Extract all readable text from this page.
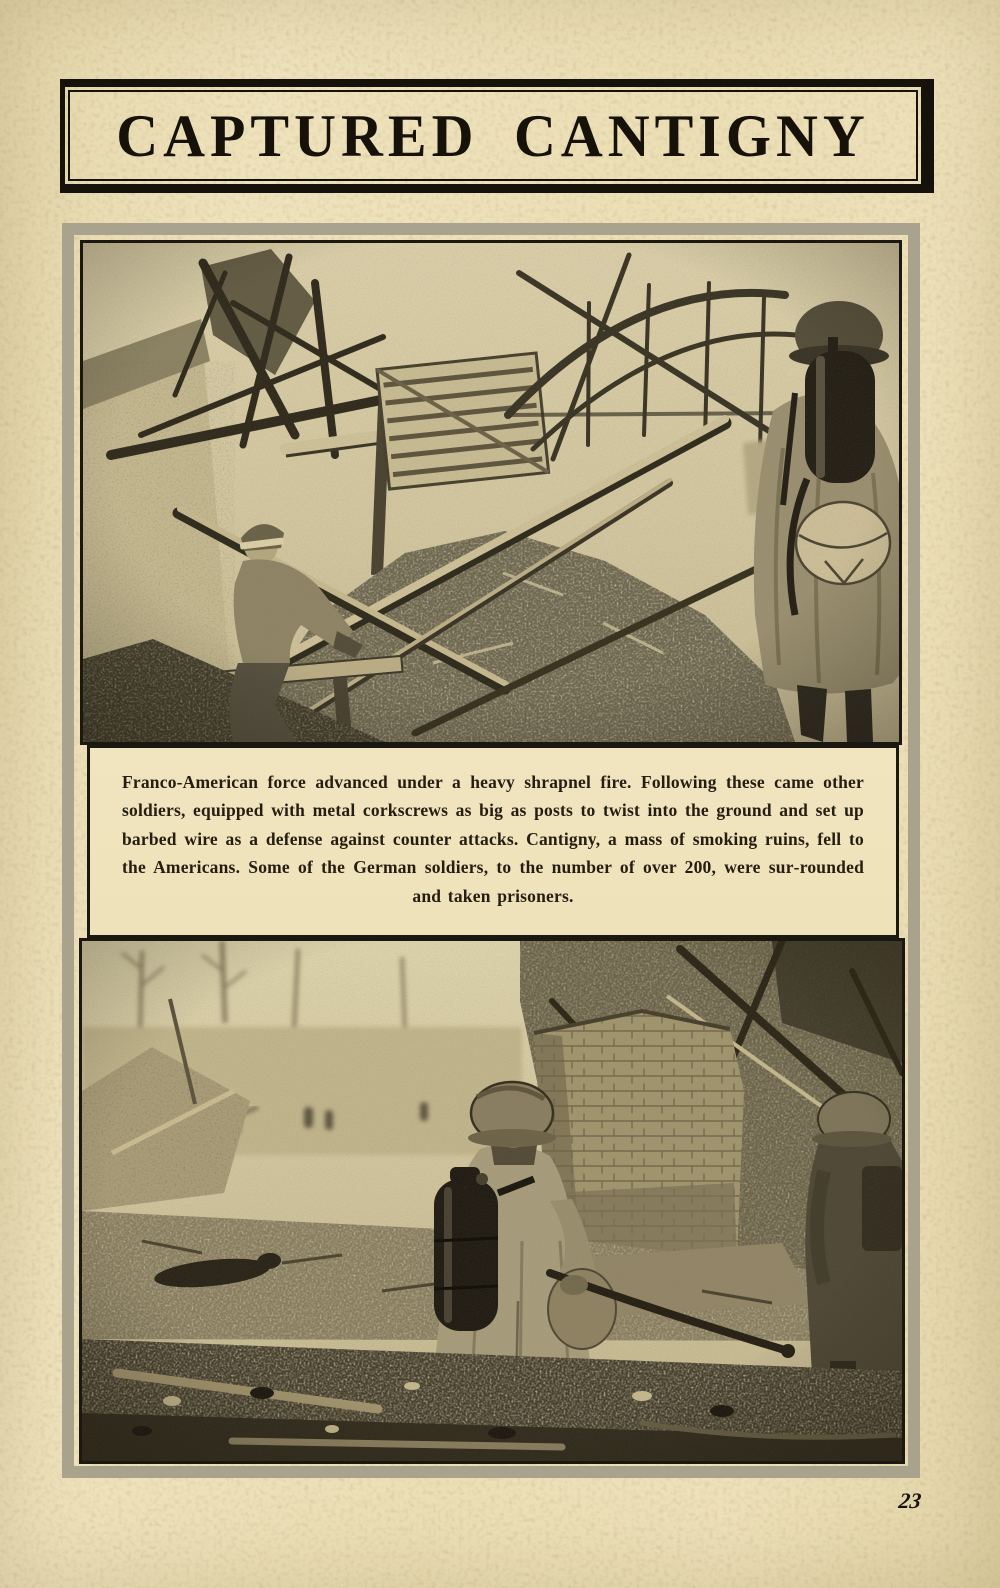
CAPTURED CANTIGNY

Franco-American force advanced under a heavy shrapnel fire. Following these came other soldiers, equipped with metal corkscrews as big as posts to twist into the ground and set up barbed wire as a defense against counter attacks. Cantigny, a mass of smoking ruins, fell to the Americans. Some of the German soldiers, to the number of over 200, were sur‑rounded and taken prisoners.

23
